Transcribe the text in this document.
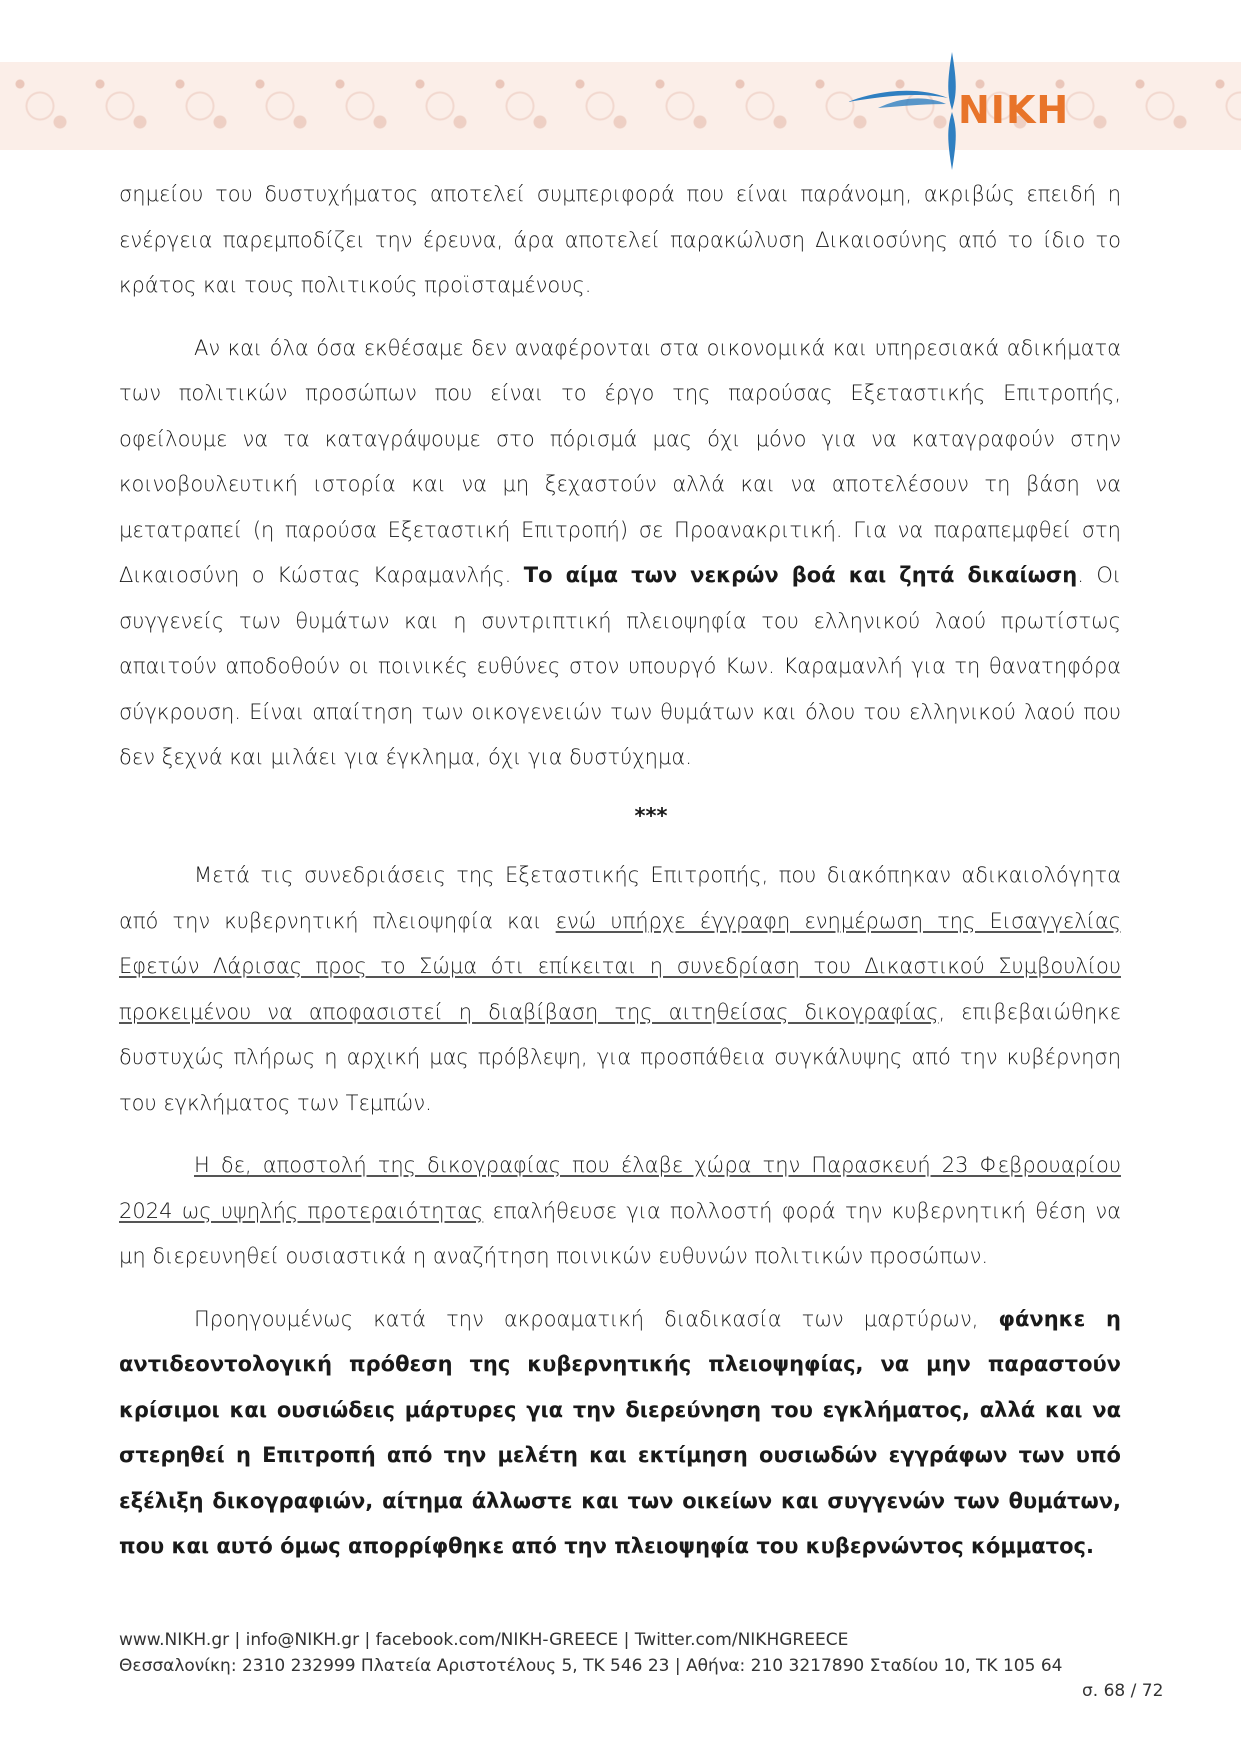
NIKH

σημείου του δυστυχήματος αποτελεί συμπεριφορά που είναι παράνομη, ακριβώς επειδή η ενέργεια παρεμποδίζει την έρευνα, άρα αποτελεί παρακώλυση Δικαιοσύνης από το ίδιο το κράτος και τους πολιτικούς προϊσταμένους.

Αν και όλα όσα εκθέσαμε δεν αναφέρονται στα οικονομικά και υπηρεσιακά αδικήματα των πολιτικών προσώπων που είναι το έργο της παρούσας Εξεταστικής Επιτροπής, οφείλουμε να τα καταγράψουμε στο πόρισμά μας όχι μόνο για να καταγραφούν στην κοινοβουλευτική ιστορία και να μη ξεχαστούν αλλά και να αποτελέσουν τη βάση να μετατραπεί (η παρούσα Εξεταστική Επιτροπή) σε Προανακριτική. Για να παραπεμφθεί στη Δικαιοσύνη ο Κώστας Καραμανλής. Το αίμα των νεκρών βοά και ζητά δικαίωση. Οι συγγενείς των θυμάτων και η συντριπτική πλειοψηφία του ελληνικού λαού πρωτίστως απαιτούν αποδοθούν οι ποινικές ευθύνες στον υπουργό Κων. Καραμανλή για τη θανατηφόρα σύγκρουση. Είναι απαίτηση των οικογενειών των θυμάτων και όλου του ελληνικού λαού που δεν ξεχνά και μιλάει για έγκλημα, όχι για δυστύχημα.

***

Μετά τις συνεδριάσεις της Εξεταστικής Επιτροπής, που διακόπηκαν αδικαιολόγητα από την κυβερνητική πλειοψηφία και ενώ υπήρχε έγγραφη ενημέρωση της Εισαγγελίας Εφετών Λάρισας προς το Σώμα ότι επίκειται η συνεδρίαση του Δικαστικού Συμβουλίου προκειμένου να αποφασιστεί η διαβίβαση της αιτηθείσας δικογραφίας, επιβεβαιώθηκε δυστυχώς πλήρως η αρχική μας πρόβλεψη, για προσπάθεια συγκάλυψης από την κυβέρνηση του εγκλήματος των Τεμπών.

Η δε, αποστολή της δικογραφίας που έλαβε χώρα την Παρασκευή 23 Φεβρουαρίου 2024 ως υψηλής προτεραιότητας επαλήθευσε για πολλοστή φορά την κυβερνητική θέση να μη διερευνηθεί ουσιαστικά η αναζήτηση ποινικών ευθυνών πολιτικών προσώπων.

Προηγουμένως κατά την ακροαματική διαδικασία των μαρτύρων, φάνηκε η αντιδεοντολογική πρόθεση της κυβερνητικής πλειοψηφίας, να μην παραστούν κρίσιμοι και ουσιώδεις μάρτυρες για την διερεύνηση του εγκλήματος, αλλά και να στερηθεί η Επιτροπή από την μελέτη και εκτίμηση ουσιωδών εγγράφων των υπό εξέλιξη δικογραφιών, αίτημα άλλωστε και των οικείων και συγγενών των θυμάτων, που και αυτό όμως απορρίφθηκε από την πλειοψηφία του κυβερνώντος κόμματος.

www.NIKH.gr | info@NIKH.gr | facebook.com/NIKH-GREECE | Twitter.com/NIKHGREECE
Θεσσαλονίκη: 2310 232999 Πλατεία Αριστοτέλους 5, ΤΚ 546 23 | Αθήνα: 210 3217890 Σταδίου 10, ΤΚ 105 64
σ. 68 / 72
